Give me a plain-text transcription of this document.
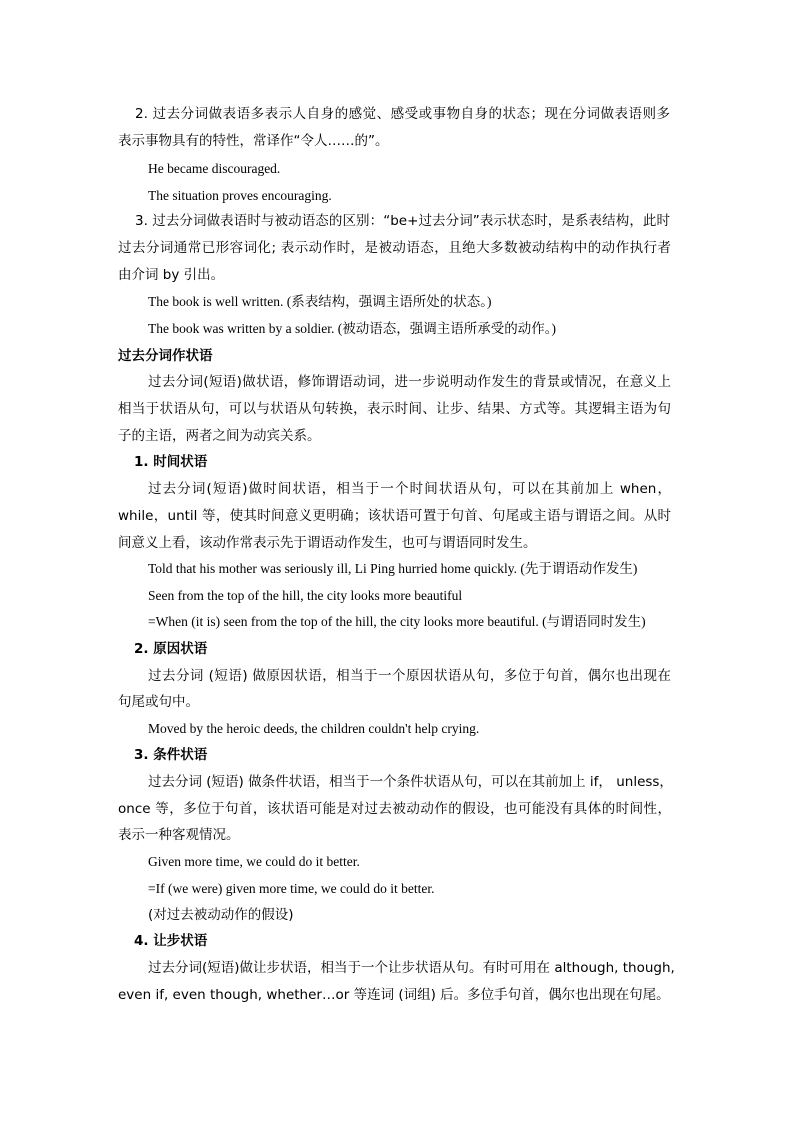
2. 过去分词做表语多表示人自身的感觉、感受或事物自身的状态；现在分词做表语则多
表示事物具有的特性，常译作“令人……的”。
He became discouraged.
The situation proves encouraging.
3. 过去分词做表语时与被动语态的区别：“be+过去分词”表示状态时，是系表结构，此时
过去分词通常已形容词化; 表示动作时，是被动语态，且绝大多数被动结构中的动作执行者
由介词 by 引出。
The book is well written. (系表结构，强调主语所处的状态。)
The book was written by a soldier. (被动语态，强调主语所承受的动作。)
过去分词作状语
过去分词(短语)做状语，修饰谓语动词，进一步说明动作发生的背景或情况，在意义上
相当于状语从句，可以与状语从句转换，表示时间、让步、结果、方式等。其逻辑主语为句
子的主语，两者之间为动宾关系。
1. 时间状语
过去分词(短语)做时间状语，相当于一个时间状语从句，可以在其前加上 when，
while，until 等，使其时间意义更明确；该状语可置于句首、句尾或主语与谓语之间。从时
间意义上看，该动作常表示先于谓语动作发生，也可与谓语同时发生。
Told that his mother was seriously ill, Li Ping hurried home quickly. (先于谓语动作发生)
Seen from the top of the hill, the city looks more beautiful
=When (it is) seen from the top of the hill, the city looks more beautiful. (与谓语同时发生)
2. 原因状语
过去分词 (短语) 做原因状语，相当于一个原因状语从句，多位于句首，偶尔也出现在
句尾或句中。
Moved by the heroic deeds, the children couldn't help crying.
3. 条件状语
过去分词 (短语) 做条件状语，相当于一个条件状语从句，可以在其前加上 if， unless，
once 等，多位于句首，该状语可能是对过去被动动作的假设，也可能没有具体的时间性，
表示一种客观情况。
Given more time, we could do it better.
=If (we were) given more time, we could do it better.
(对过去被动动作的假设)
4. 让步状语
过去分词(短语)做让步状语，相当于一个让步状语从句。有时可用在 although, though,
even if, even though, whether…or 等连词 (词组) 后。多位手句首，偶尔也出现在句尾。
